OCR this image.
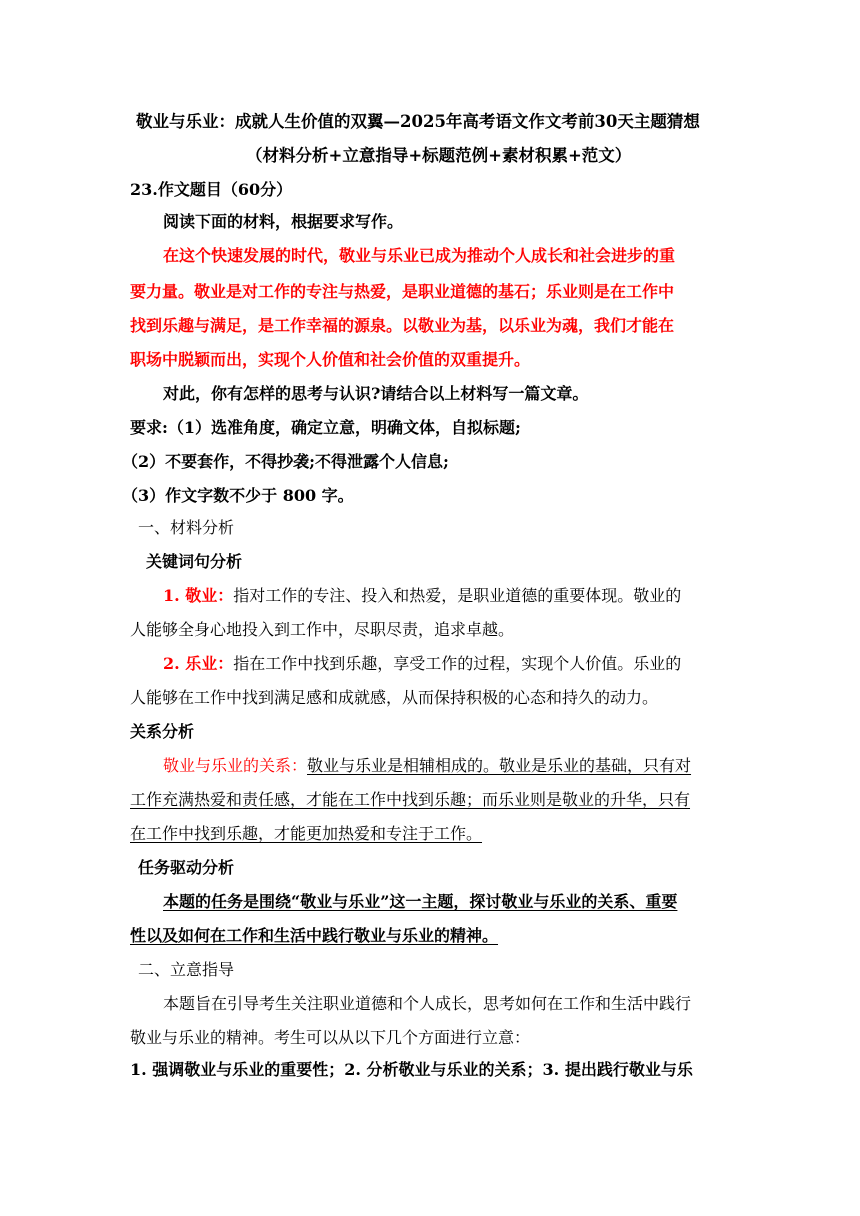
敬业与乐业：成就人生价值的双翼—2025年高考语文作文考前30天主题猜想
（材料分析+立意指导+标题范例+素材积累+范文）
23.作文题目（60分）
阅读下面的材料，根据要求写作。
在这个快速发展的时代，敬业与乐业已成为推动个人成长和社会进步的重
要力量。敬业是对工作的专注与热爱，是职业道德的基石；乐业则是在工作中
找到乐趣与满足，是工作幸福的源泉。以敬业为基，以乐业为魂，我们才能在
职场中脱颖而出，实现个人价值和社会价值的双重提升。
对此，你有怎样的思考与认识?请结合以上材料写一篇文章。
要求:（1）选准角度，确定立意，明确文体，自拟标题;
（2）不要套作，不得抄袭;不得泄露个人信息;
（3）作文字数不少于 800 字。
一、材料分析
关键词句分析
1. 敬业：指对工作的专注、投入和热爱，是职业道德的重要体现。敬业的
人能够全身心地投入到工作中，尽职尽责，追求卓越。
2. 乐业：指在工作中找到乐趣，享受工作的过程，实现个人价值。乐业的
人能够在工作中找到满足感和成就感，从而保持积极的心态和持久的动力。
关系分析
敬业与乐业的关系：敬业与乐业是相辅相成的。敬业是乐业的基础，只有对
工作充满热爱和责任感，才能在工作中找到乐趣；而乐业则是敬业的升华，只有
在工作中找到乐趣，才能更加热爱和专注于工作。
任务驱动分析
本题的任务是围绕“敬业与乐业”这一主题，探讨敬业与乐业的关系、重要
性以及如何在工作和生活中践行敬业与乐业的精神。
二、立意指导
本题旨在引导考生关注职业道德和个人成长，思考如何在工作和生活中践行
敬业与乐业的精神。考生可以从以下几个方面进行立意：
1. 强调敬业与乐业的重要性；2. 分析敬业与乐业的关系；3. 提出践行敬业与乐
